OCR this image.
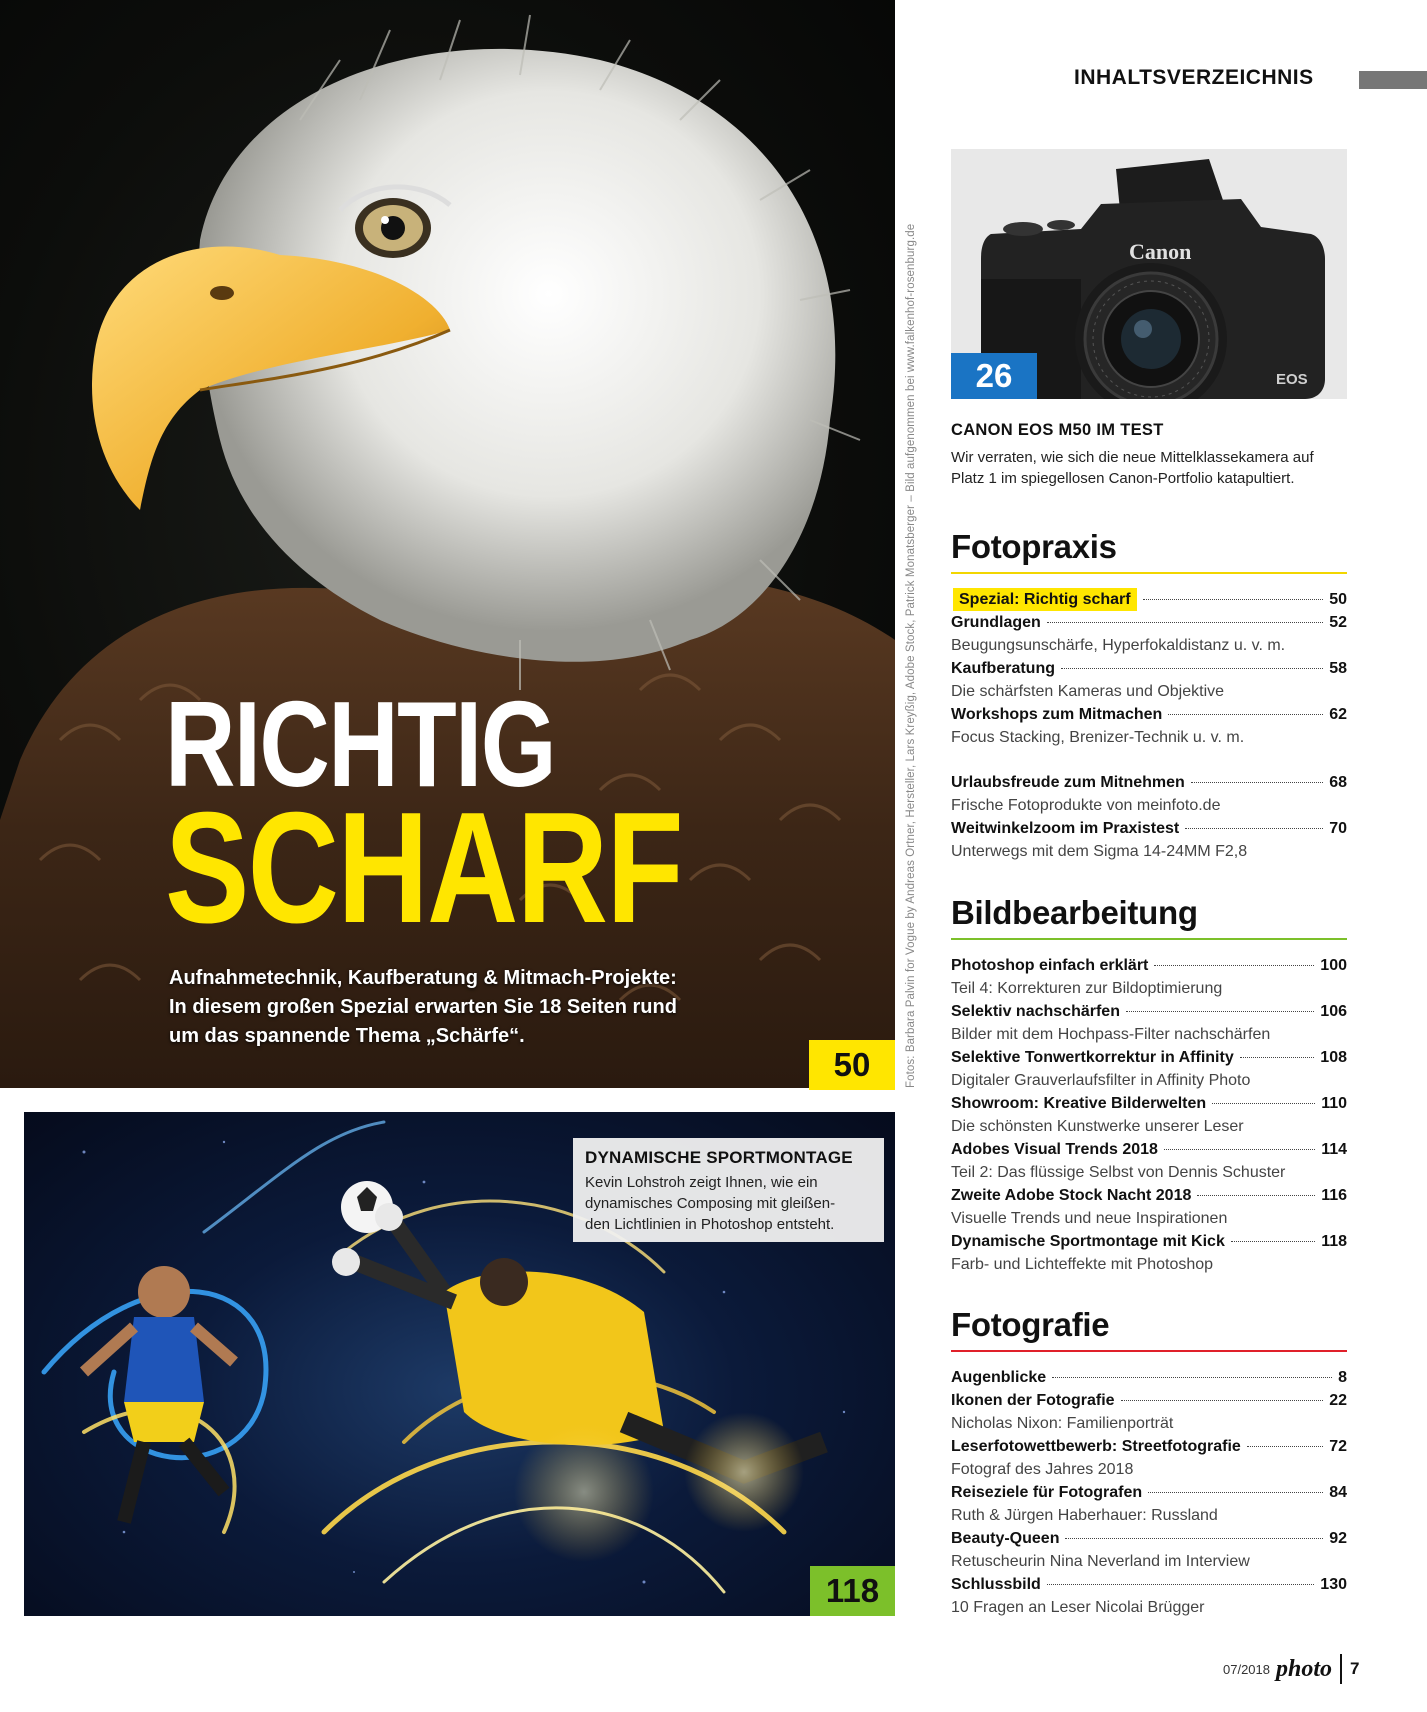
RICHTIG
SCHARF
Aufnahmetechnik, Kaufberatung & Mitmach-Projekte:
In diesem großen Spezial erwarten Sie 18 Seiten rund
um das spannende Thema „Schärfe“.
50	Fotos: Barbara Palvin for Vogue by Andreas Ortner, Hersteller, Lars Kreyßig, Adobe Stock, Patrick Monatsberger – Bild aufgenommen bei www.falkenhof-rosenburg.de
DYNAMISCHE SPORTMONTAGE
Kevin Lohstroh zeigt Ihnen, wie ein
dynamisches Composing mit gleißen-
den Lichtlinien in Photoshop entsteht.
118
INHALTSVERZEICHNIS
Canon
EOS
26
CANON EOS M50 IM TEST
Wir verraten, wie sich die neue Mittelklassekamera auf
Platz 1 im spiegellosen Canon-Portfolio katapultiert.
Fotopraxis
Spezial: Richtig scharf	50
Grundlagen	52
Beugungsunschärfe, Hyperfokaldistanz u. v. m.
Kaufberatung	58
Die schärfsten Kameras und Objektive
Workshops zum Mitmachen	62
Focus Stacking, Brenizer-Technik u. v. m.
Urlaubsfreude zum Mitnehmen	68
Frische Fotoprodukte von meinfoto.de
Weitwinkelzoom im Praxistest	70
Unterwegs mit dem Sigma 14-24MM F2,8
Bildbearbeitung
Photoshop einfach erklärt	100
Teil 4: Korrekturen zur Bildoptimierung
Selektiv nachschärfen	106
Bilder mit dem Hochpass-Filter nachschärfen
Selektive Tonwertkorrektur in Affinity	108
Digitaler Grauverlaufsfilter in Affinity Photo
Showroom: Kreative Bilderwelten	110
Die schönsten Kunstwerke unserer Leser
Adobes Visual Trends 2018	114
Teil 2: Das flüssige Selbst von Dennis Schuster
Zweite Adobe Stock Nacht 2018	116
Visuelle Trends und neue Inspirationen
Dynamische Sportmontage mit Kick	118
Farb- und Lichteffekte mit Photoshop
Fotografie
Augenblicke	8
Ikonen der Fotografie	22
Nicholas Nixon: Familienporträt
Leserfotowettbewerb: Streetfotografie	72
Fotograf des Jahres 2018
Reiseziele für Fotografen	84
Ruth & Jürgen Haberhauer: Russland
Beauty-Queen	92
Retuscheurin Nina Neverland im Interview
Schlussbild	130
10 Fragen an Leser Nicolai Brügger
07/2018 photo 7
